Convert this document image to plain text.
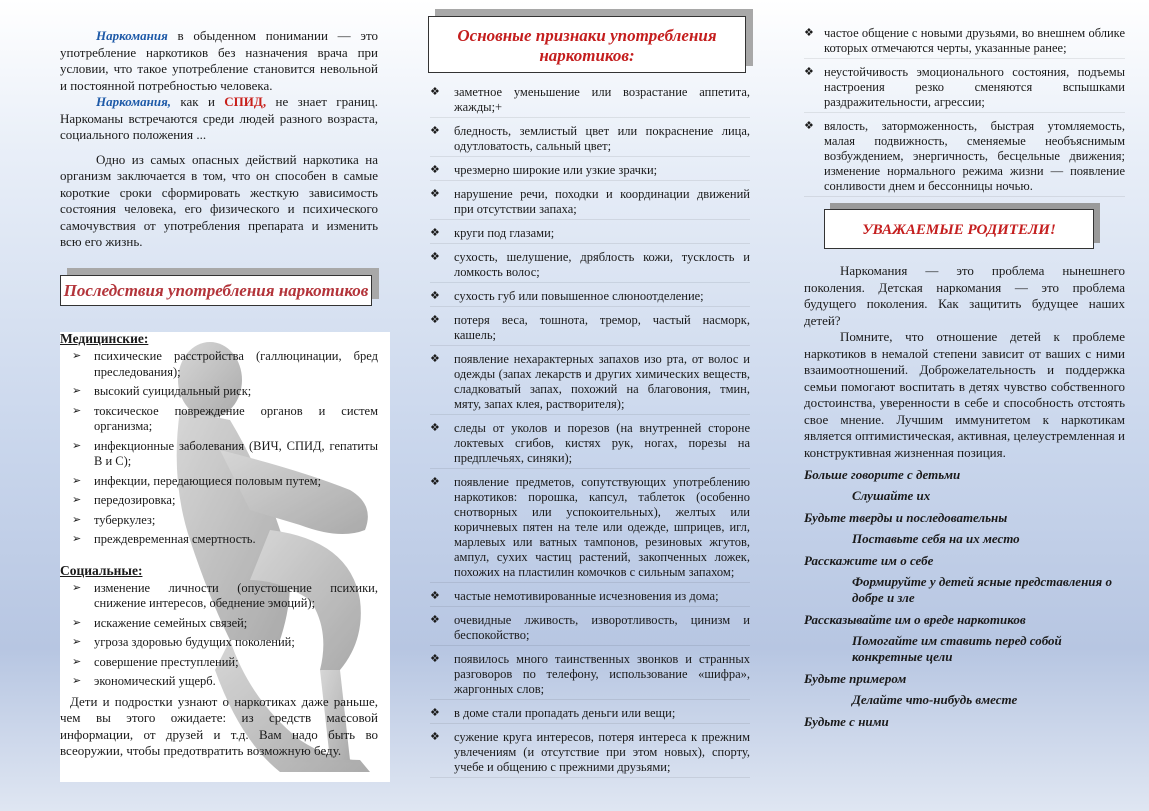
Наркомания в обыденном понимании — это употребление наркотиков без назначения врача при условии, что такое употребление становится невольной и постоянной потребностью человека.

Наркомания, как и СПИД, не знает границ. Наркоманы встречаются среди людей разного возраста, социального положения ...

Одно из самых опасных действий наркотика на организм заключается в том, что он способен в самые короткие сроки сформировать жесткую зависимость состояния человека, его физического и психического самочувствия от употребления препарата и изменить всю его жизнь.

Последствия употребления наркотиков
Медицинские:
➢ психические расстройства (галлюцинации, бред преследования);
➢ высокий суицидальный риск;
➢ токсическое повреждение органов и систем организма;
➢ инфекционные заболевания (ВИЧ, СПИД, гепатиты В и С);
➢ инфекции, передающиеся половым путем;
➢ передозировка;
➢ туберкулез;
➢ преждевременная смертность.
Социальные:
➢ изменение личности (опустошение психики, снижение интересов, обеднение эмоций);
➢ искажение семейных связей;
➢ угроза здоровью будущих поколений;
➢ совершение преступлений;
➢ экономический ущерб.

Дети и подростки узнают о наркотиках даже раньше, чем вы этого ожидаете: из средств массовой информации, от друзей и т.д. Вам надо быть во всеоружии, чтобы предотвратить возможную беду.

Основные признаки употребления наркотиков:
❖ заметное уменьшение или возрастание аппетита, жажды;+
❖ бледность, землистый цвет или покраснение лица, одутловатость, сальный цвет;
❖ чрезмерно широкие или узкие зрачки;
❖ нарушение речи, походки и координации движений при отсутствии запаха;
❖ круги под глазами;
❖ сухость, шелушение, дряблость кожи, тусклость и ломкость волос;
❖ сухость губ или повышенное слюноотделение;
❖ потеря веса, тошнота, тремор, частый насморк, кашель;
❖ появление нехарактерных запахов изо рта, от волос и одежды (запах лекарств и других химических веществ, сладковатый запах, похожий на благовония, тмин, мяту, запах клея, растворителя);
❖ следы от уколов и порезов (на внутренней стороне локтевых сгибов, кистях рук, ногах, порезы на предплечьях, синяки);
❖ появление предметов, сопутствующих употреблению наркотиков: порошка, капсул, таблеток (особенно снотворных или успокоительных), желтых или коричневых пятен на теле или одежде, шприцев, игл, марлевых или ватных тампонов, резиновых жгутов, ампул, сухих частиц растений, закопченных ложек, похожих на пластилин комочков с сильным запахом;
❖ частые немотивированные исчезновения из дома;
❖ очевидные лживость, изворотливость, цинизм и беспокойство;
❖ появилось много таинственных звонков и странных разговоров по телефону, использование «шифра», жаргонных слов;
❖ в доме стали пропадать деньги или вещи;
❖ сужение круга интересов, потеря интереса к прежним увлечениям (и отсутствие при этом новых), спорту, учебе и общению с прежними друзьями;
❖ частое общение с новыми друзьями, во внешнем облике которых отмечаются черты, указанные ранее;
❖ неустойчивость эмоционального состояния, подъемы настроения резко сменяются вспышками раздражительности, агрессии;
❖ вялость, заторможенность, быстрая утомляемость, малая подвижность, сменяемые необъяснимым возбуждением, энергичность, бесцельные движения; изменение нормального режима жизни — появление сонливости днем и бессонницы ночью.
УВАЖАЕМЫЕ РОДИТЕЛИ!

Наркомания — это проблема нынешнего поколения. Детская наркомания — это проблема будущего поколения. Как защитить будущее наших детей?

Помните, что отношение детей к проблеме наркотиков в немалой степени зависит от ваших с ними взаимоотношений. Доброжелательность и поддержка семьи помогают воспитать в детях чувство собственного достоинства, уверенности в себе и способность отстоять свое мнение. Лучшим иммунитетом к наркотикам является оптимистическая, активная, целеустремленная и конструктивная жизненная позиция.

Больше говорите с детьми
Слушайте их
Будьте тверды и последовательны
Поставьте себя на их место
Расскажите им о себе
Формируйте у детей ясные представления о добре и зле
Рассказывайте им о вреде наркотиков
Помогайте им ставить перед собой конкретные цели
Будьте примером
Делайте что-нибудь вместе
Будьте с ними
